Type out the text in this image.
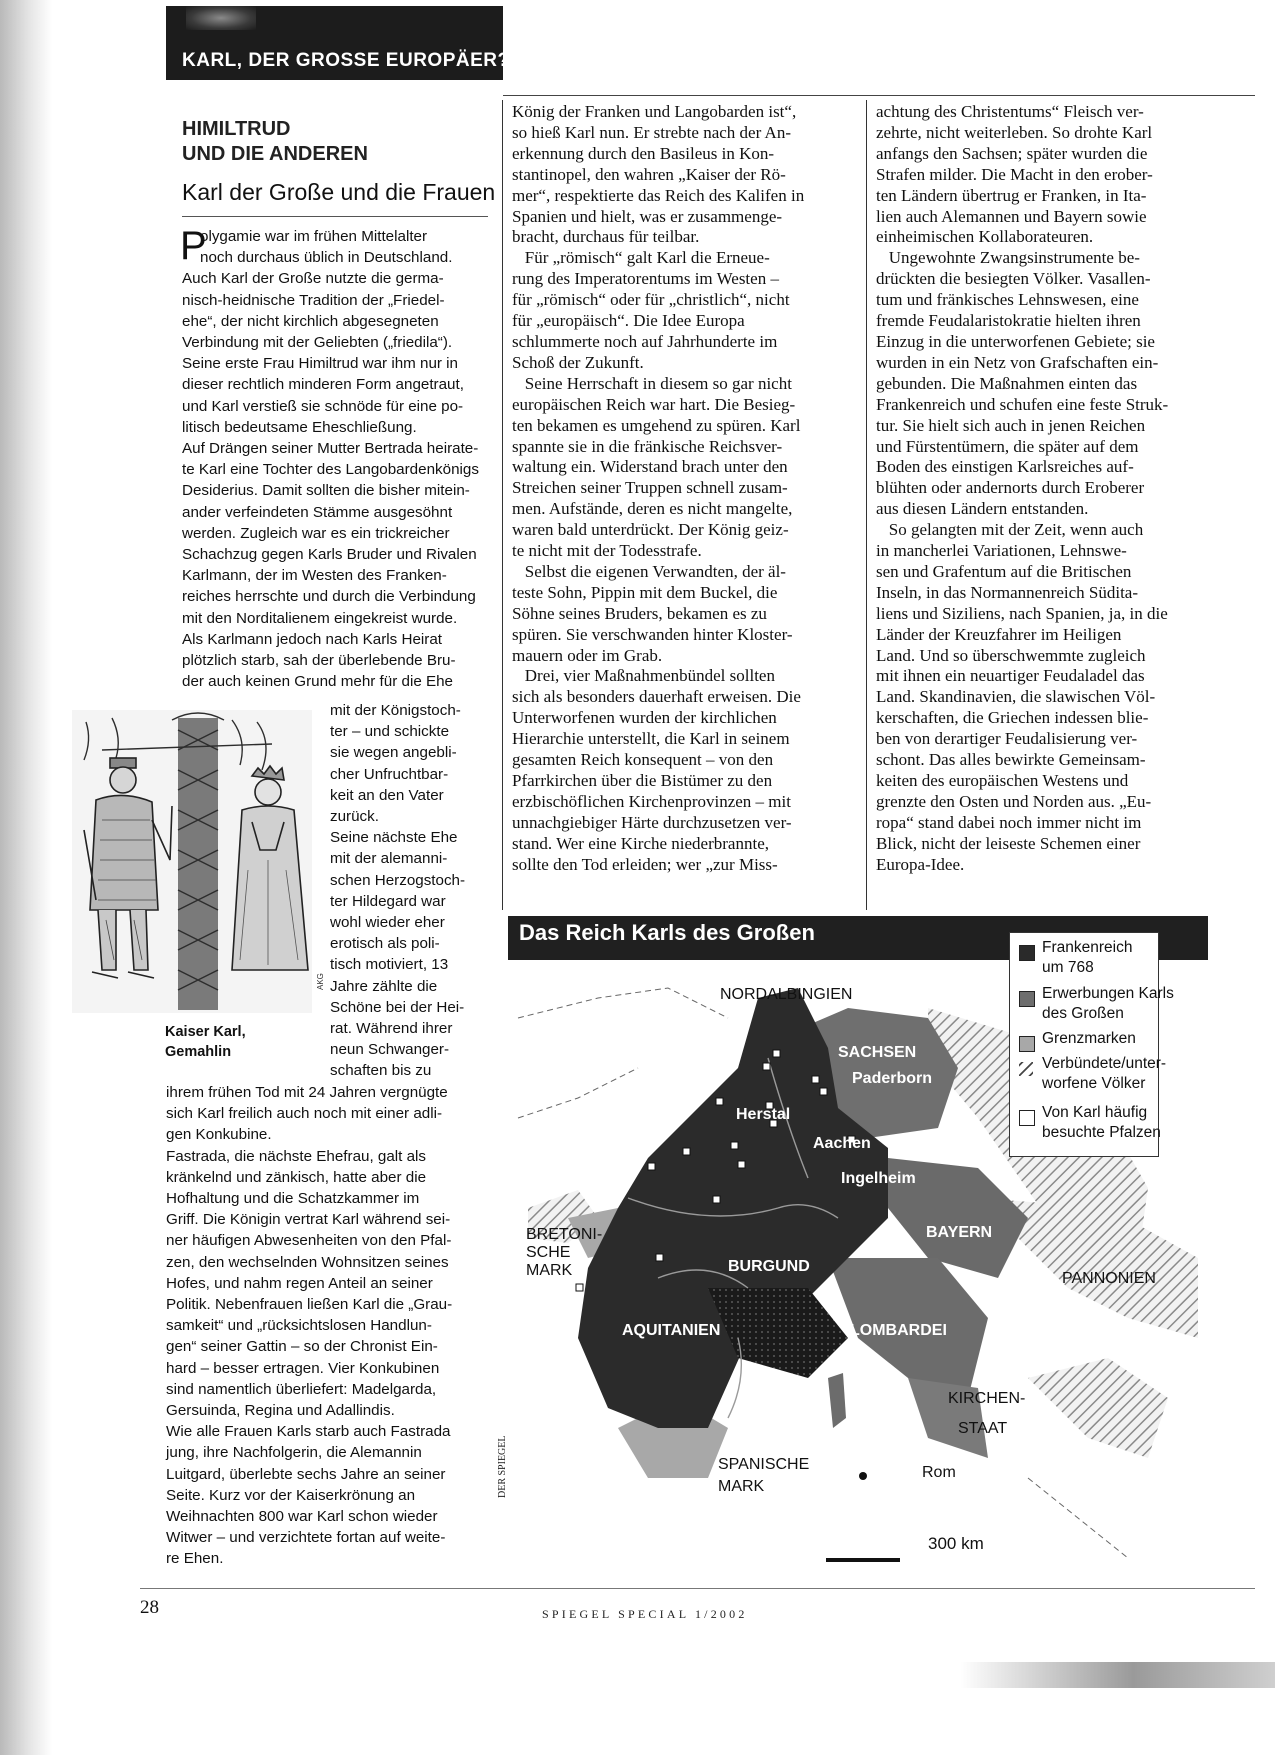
KARL, DER GROSSE EUROPÄER?
HIMILTRUD
UND DIE ANDEREN
Karl der Große und die Frauen
P
olygamie war im frühen Mittelalter
noch durchaus üblich in Deutschland.
Auch Karl der Große nutzte die germa-
nisch-heidnische Tradition der „Friedel-
ehe“, der nicht kirchlich abgesegneten
Verbindung mit der Geliebten („friedila“).
Seine erste Frau Himiltrud war ihm nur in
dieser rechtlich minderen Form angetraut,
und Karl verstieß sie schnöde für eine po-
litisch bedeutsame Eheschließung.
Auf Drängen seiner Mutter Bertrada heirate-
te Karl eine Tochter des Langobardenkönigs
Desiderius. Damit sollten die bisher mitein-
ander verfeindeten Stämme ausgesöhnt
werden. Zugleich war es ein trickreicher
Schachzug gegen Karls Bruder und Rivalen
Karlmann, der im Westen des Franken-
reiches herrschte und durch die Verbindung
mit den Norditalienem eingekreist wurde.
Als Karlmann jedoch nach Karls Heirat
plötzlich starb, sah der überlebende Bru-
der auch keinen Grund mehr für die Ehe
AKG
Kaiser Karl,
Gemahlin
mit der Königstoch-
ter – und schickte
sie wegen angebli-
cher Unfruchtbar-
keit an den Vater
zurück.
Seine nächste Ehe
mit der alemanni-
schen Herzogstoch-
ter Hildegard war
wohl wieder eher
erotisch als poli-
tisch motiviert, 13
Jahre zählte die
Schöne bei der Hei-
rat. Während ihrer
neun Schwanger-
schaften bis zu
ihrem frühen Tod mit 24 Jahren vergnügte
sich Karl freilich auch noch mit einer adli-
gen Konkubine.
Fastrada, die nächste Ehefrau, galt als
kränkelnd und zänkisch, hatte aber die
Hofhaltung und die Schatzkammer im
Griff. Die Königin vertrat Karl während sei-
ner häufigen Abwesenheiten von den Pfal-
zen, den wechselnden Wohnsitzen seines
Hofes, und nahm regen Anteil an seiner
Politik. Nebenfrauen ließen Karl die „Grau-
samkeit“ und „rücksichtslosen Handlun-
gen“ seiner Gattin – so der Chronist Ein-
hard – besser ertragen. Vier Konkubinen
sind namentlich überliefert: Madelgarda,
Gersuinda, Regina und Adallindis.
Wie alle Frauen Karls starb auch Fastrada
jung, ihre Nachfolgerin, die Alemannin
Luitgard, überlebte sechs Jahre an seiner
Seite. Kurz vor der Kaiserkrönung an
Weihnachten 800 war Karl schon wieder
Witwer – und verzichtete fortan auf weite-
re Ehen.
König der Franken und Langobarden ist“,
so hieß Karl nun. Er strebte nach der An-
erkennung durch den Basileus in Kon-
stantinopel, den wahren „Kaiser der Rö-
mer“, respektierte das Reich des Kalifen in
Spanien und hielt, was er zusammenge-
bracht, durchaus für teilbar.
Für „römisch“ galt Karl die Erneue-
rung des Imperatorentums im Westen –
für „römisch“ oder für „christlich“, nicht
für „europäisch“. Die Idee Europa
schlummerte noch auf Jahrhunderte im
Schoß der Zukunft.
Seine Herrschaft in diesem so gar nicht
europäischen Reich war hart. Die Besieg-
ten bekamen es umgehend zu spüren. Karl
spannte sie in die fränkische Reichsver-
waltung ein. Widerstand brach unter den
Streichen seiner Truppen schnell zusam-
men. Aufstände, deren es nicht mangelte,
waren bald unterdrückt. Der König geiz-
te nicht mit der Todesstrafe.
Selbst die eigenen Verwandten, der äl-
teste Sohn, Pippin mit dem Buckel, die
Söhne seines Bruders, bekamen es zu
spüren. Sie verschwanden hinter Kloster-
mauern oder im Grab.
Drei, vier Maßnahmenbündel sollten
sich als besonders dauerhaft erweisen. Die
Unterworfenen wurden der kirchlichen
Hierarchie unterstellt, die Karl in seinem
gesamten Reich konsequent – von den
Pfarrkirchen über die Bistümer zu den
erzbischöflichen Kirchenprovinzen – mit
unnachgiebiger Härte durchzusetzen ver-
stand. Wer eine Kirche niederbrannte,
sollte den Tod erleiden; wer „zur Miss-
achtung des Christentums“ Fleisch ver-
zehrte, nicht weiterleben. So drohte Karl
anfangs den Sachsen; später wurden die
Strafen milder. Die Macht in den erober-
ten Ländern übertrug er Franken, in Ita-
lien auch Alemannen und Bayern sowie
einheimischen Kollaborateuren.
Ungewohnte Zwangsinstrumente be-
drückten die besiegten Völker. Vasallen-
tum und fränkisches Lehnswesen, eine
fremde Feudalaristokratie hielten ihren
Einzug in die unterworfenen Gebiete; sie
wurden in ein Netz von Grafschaften ein-
gebunden. Die Maßnahmen einten das
Frankenreich und schufen eine feste Struk-
tur. Sie hielt sich auch in jenen Reichen
und Fürstentümern, die später auf dem
Boden des einstigen Karlsreiches auf-
blühten oder andernorts durch Eroberer
aus diesen Ländern entstanden.
So gelangten mit der Zeit, wenn auch
in mancherlei Variationen, Lehnswe-
sen und Grafentum auf die Britischen
Inseln, in das Normannenreich Südita-
liens und Siziliens, nach Spanien, ja, in die
Länder der Kreuzfahrer im Heiligen
Land. Und so überschwemmte zugleich
mit ihnen ein neuartiger Feudaladel das
Land. Skandinavien, die slawischen Völ-
kerschaften, die Griechen indessen blie-
ben von derartiger Feudalisierung ver-
schont. Das alles bewirkte Gemeinsam-
keiten des europäischen Westens und
grenzte den Osten und Norden aus. „Eu-
ropa“ stand dabei noch immer nicht im
Blick, nicht der leiseste Schemen einer
Europa-Idee.
Das Reich Karls des Großen
NORDALBINGIEN
SACHSEN
Paderborn
Herstal
Aachen
Ingelheim
BAYERN
PANNONIEN
BRETONI-
SCHE
MARK	BURGUND
AQUITANIEN	LOMBARDEI
KIRCHEN-
STAAT
Rom
SPANISCHE
MARK
300 km
DER SPIEGEL
Frankenreich
um 768
Erwerbungen Karls
des Großen
Grenzmarken
Verbündete/unter-
worfene Völker
Von Karl häufig
besuchte Pfalzen
28	SPIEGEL SPECIAL 1/2002
